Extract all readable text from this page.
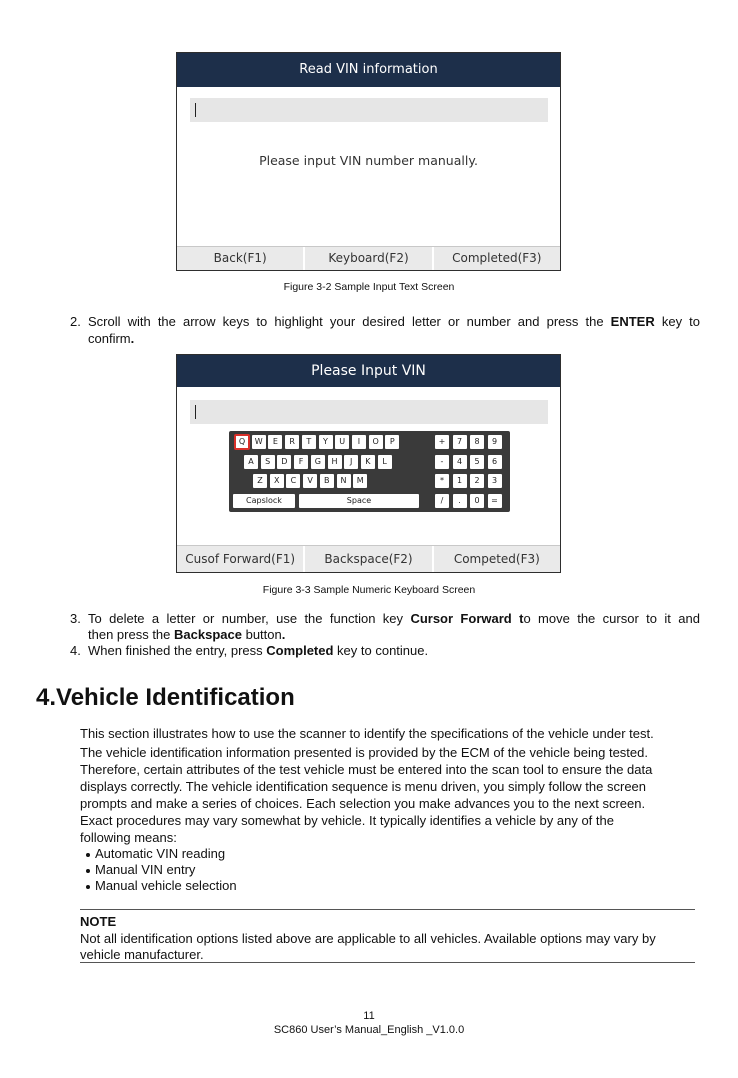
Read VIN information
Please input VIN number manually.
Back(F1)	Keyboard(F2)	Completed(F3)
Figure 3-2 Sample Input Text Screen
2. Scroll with the arrow keys to highlight your desired letter or number and press the ENTER key to
confirm.
Please Input VIN
Q	W	E	R	T	Y	U	I	O	P
A	S	D	F	G	H	J	K	L
Z	X	C	V	B	N	M
Capslock	Space
+	7	8	9
-	4	5	6
*	1	2	3
/	.	0	=
Cusof Forward(F1)	Backspace(F2)	Competed(F3)
Figure 3-3 Sample Numeric Keyboard Screen
3. To delete a letter or number, use the function key Cursor Forward to move the cursor to it and
then press the Backspace button.
4. When finished the entry, press Completed key to continue.
4.Vehicle Identification
This section illustrates how to use the scanner to identify the specifications of the vehicle under test.
The vehicle identification information presented is provided by the ECM of the vehicle being tested.
Therefore, certain attributes of the test vehicle must be entered into the scan tool to ensure the data
displays correctly. The vehicle identification sequence is menu driven, you simply follow the screen
prompts and make a series of choices. Each selection you make advances you to the next screen.
Exact procedures may vary somewhat by vehicle. It typically identifies a vehicle by any of the
following means:
Automatic VIN reading
Manual VIN entry
Manual vehicle selection
NOTE
Not all identification options listed above are applicable to all vehicles. Available options may vary by
vehicle manufacturer.
11
SC860 User’s Manual_English _V1.0.0
